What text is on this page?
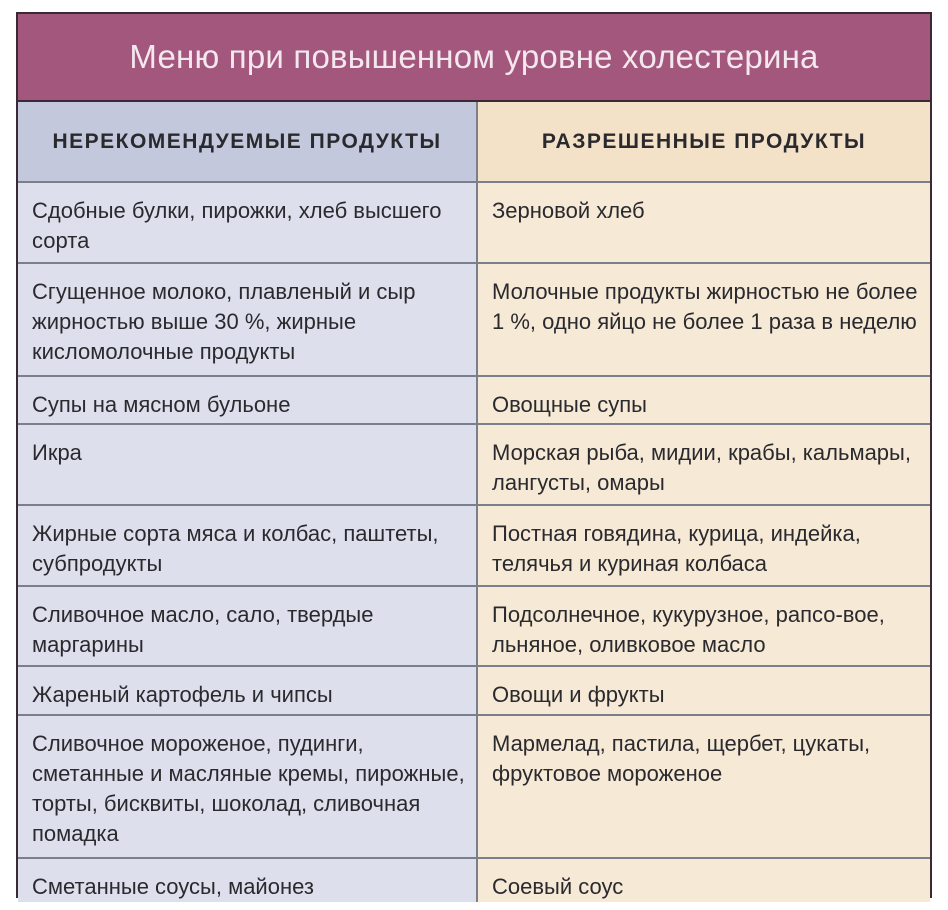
Меню при повышенном уровне холестерина
НЕРЕКОМЕНДУЕМЫЕ ПРОДУКТЫ	РАЗРЕШЕННЫЕ ПРОДУКТЫ

Сдобные булки, пирожки, хлеб высшего сорта	Зерновой хлеб

Сгущенное молоко, плавленый и сыр жирностью выше 30 %, жирные кисломолочные продукты	Молочные продукты жирностью не более 1 %, одно яйцо не более 1 раза в неделю

Супы на мясном бульоне	Овощные супы

Икра	Морская рыба, мидии, крабы, кальмары, лангусты, омары

Жирные сорта мяса и колбас, паштеты, субпродукты	Постная говядина, курица, индейка, телячья и куриная колбаса

Сливочное масло, сало, твердые маргарины	Подсолнечное, кукурузное, рапсо-вое, льняное, оливковое масло

Жареный картофель и чипсы	Овощи и фрукты

Сливочное мороженое, пудинги, сметанные и масляные кремы, пирожные, торты, бисквиты, шоколад, сливочная помадка	Мармелад, пастила, щербет, цукаты, фруктовое мороженое

Сметанные соусы, майонез	Соевый соус
